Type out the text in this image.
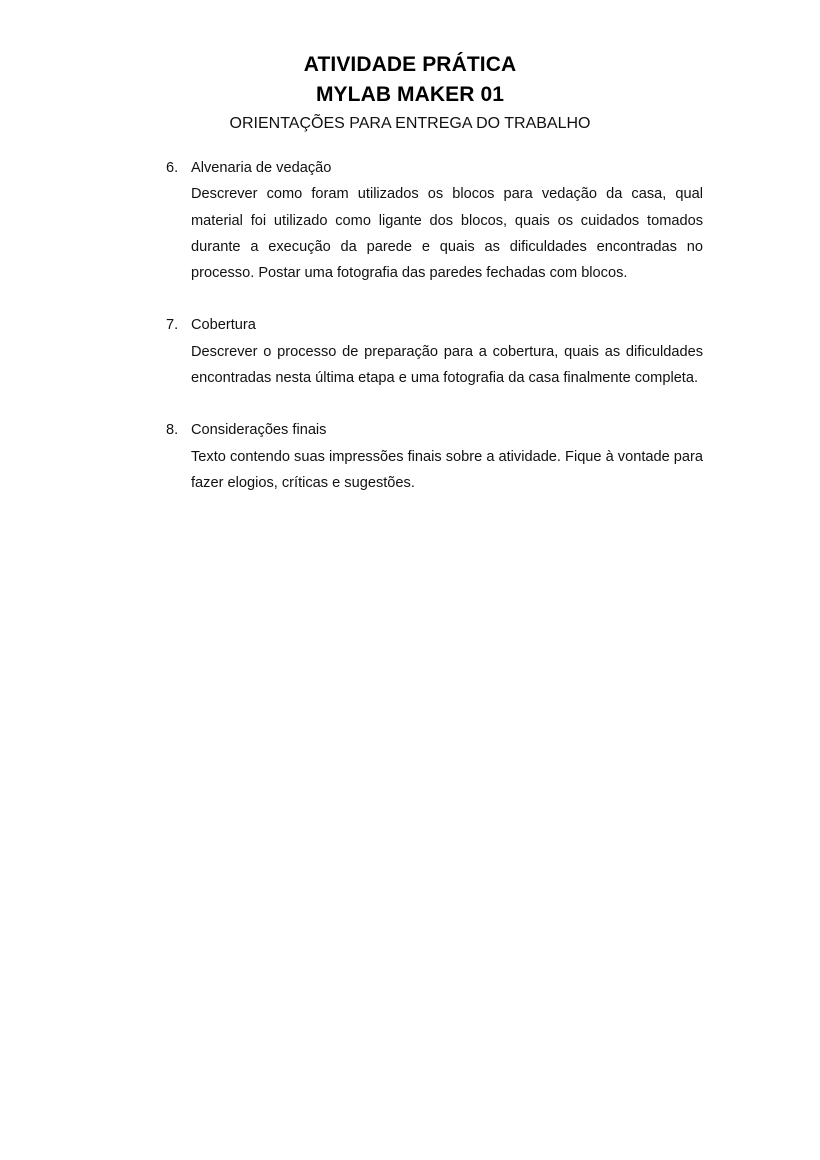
ATIVIDADE PRÁTICA
MYLAB MAKER 01
ORIENTAÇÕES PARA ENTREGA DO TRABALHO
6. Alvenaria de vedação
Descrever como foram utilizados os blocos para vedação da casa, qual material foi utilizado como ligante dos blocos, quais os cuidados tomados durante a execução da parede e quais as dificuldades encontradas no processo. Postar uma fotografia das paredes fechadas com blocos.
7. Cobertura
Descrever o processo de preparação para a cobertura, quais as dificuldades encontradas nesta última etapa e uma fotografia da casa finalmente completa.
8. Considerações finais
Texto contendo suas impressões finais sobre a atividade. Fique à vontade para fazer elogios, críticas e sugestões.
